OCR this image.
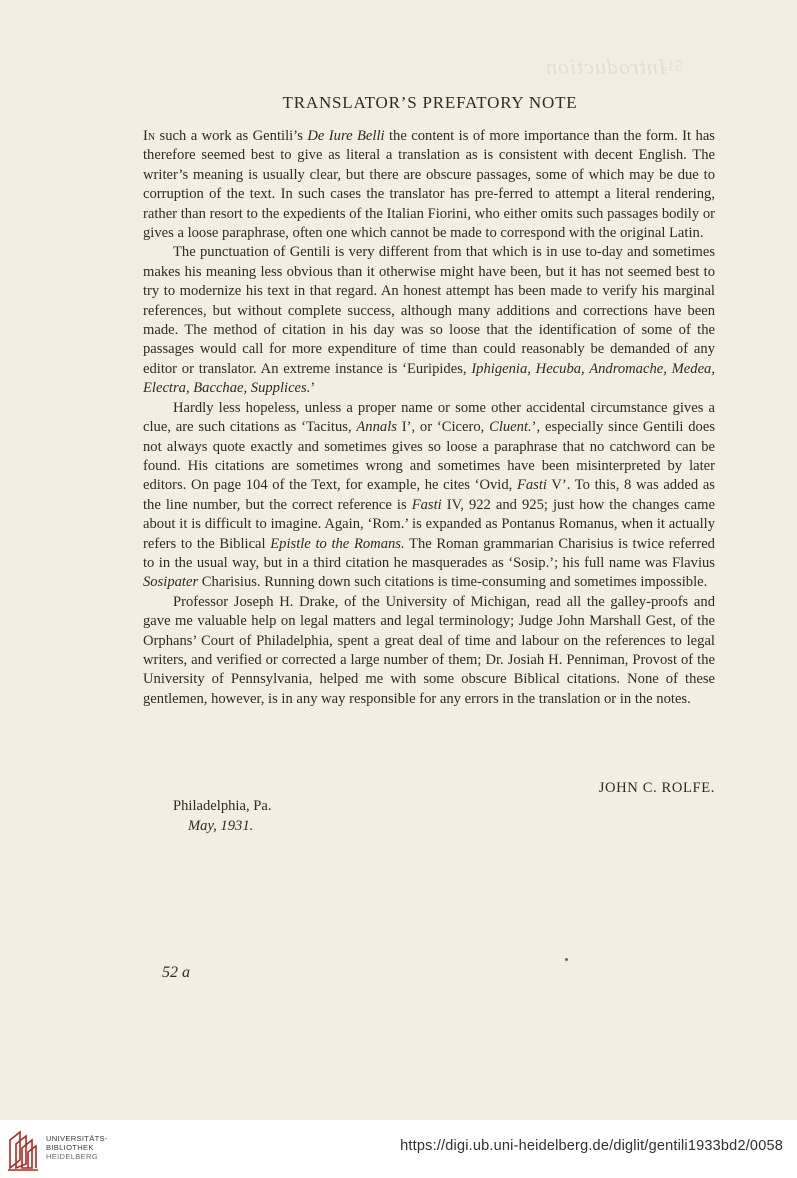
Introduction
51a
TRANSLATOR’S PREFATORY NOTE

In such a work as Gentili’s De Iure Belli the content is of more importance than the form. It has therefore seemed best to give as literal a translation as is consistent with decent English. The writer’s meaning is usually clear, but there are obscure passages, some of which may be due to corruption of the text. In such cases the translator has pre-ferred to attempt a literal rendering, rather than resort to the expedients of the Italian Fiorini, who either omits such passages bodily or gives a loose paraphrase, often one which cannot be made to correspond with the original Latin.

The punctuation of Gentili is very different from that which is in use to-day and sometimes makes his meaning less obvious than it otherwise might have been, but it has not seemed best to try to modernize his text in that regard. An honest attempt has been made to verify his marginal references, but without complete success, although many additions and corrections have been made. The method of citation in his day was so loose that the identification of some of the passages would call for more expenditure of time than could reasonably be demanded of any editor or translator. An extreme instance is ‘Euripides, Iphigenia, Hecuba, Andromache, Medea, Electra, Bacchae, Supplices.’

Hardly less hopeless, unless a proper name or some other accidental circumstance gives a clue, are such citations as ‘Tacitus, Annals I’, or ‘Cicero, Cluent.’, especially since Gentili does not always quote exactly and sometimes gives so loose a paraphrase that no catchword can be found. His citations are sometimes wrong and sometimes have been misinterpreted by later editors. On page 104 of the Text, for example, he cites ‘Ovid, Fasti V’. To this, 8 was added as the line number, but the correct reference is Fasti IV, 922 and 925; just how the changes came about it is difficult to imagine. Again, ‘Rom.’ is expanded as Pontanus Romanus, when it actually refers to the Biblical Epistle to the Romans. The Roman grammarian Charisius is twice referred to in the usual way, but in a third citation he masquerades as ‘Sosip.’; his full name was Flavius Sosipater Charisius. Running down such citations is time-consuming and sometimes impossible.

Professor Joseph H. Drake, of the University of Michigan, read all the galley-proofs and gave me valuable help on legal matters and legal terminology; Judge John Marshall Gest, of the Orphans’ Court of Philadelphia, spent a great deal of time and labour on the references to legal writers, and verified or corrected a large number of them; Dr. Josiah H. Penniman, Provost of the University of Pennsylvania, helped me with some obscure Biblical citations. None of these gentlemen, however, is in any way responsible for any errors in the translation or in the notes.

JOHN C. ROLFE.
Philadelphia, Pa.
May, 1931.
52 a
UNIVERSITÄTS-
BIBLIOTHEK
HEIDELBERG
https://digi.ub.uni-heidelberg.de/diglit/gentili1933bd2/0058
